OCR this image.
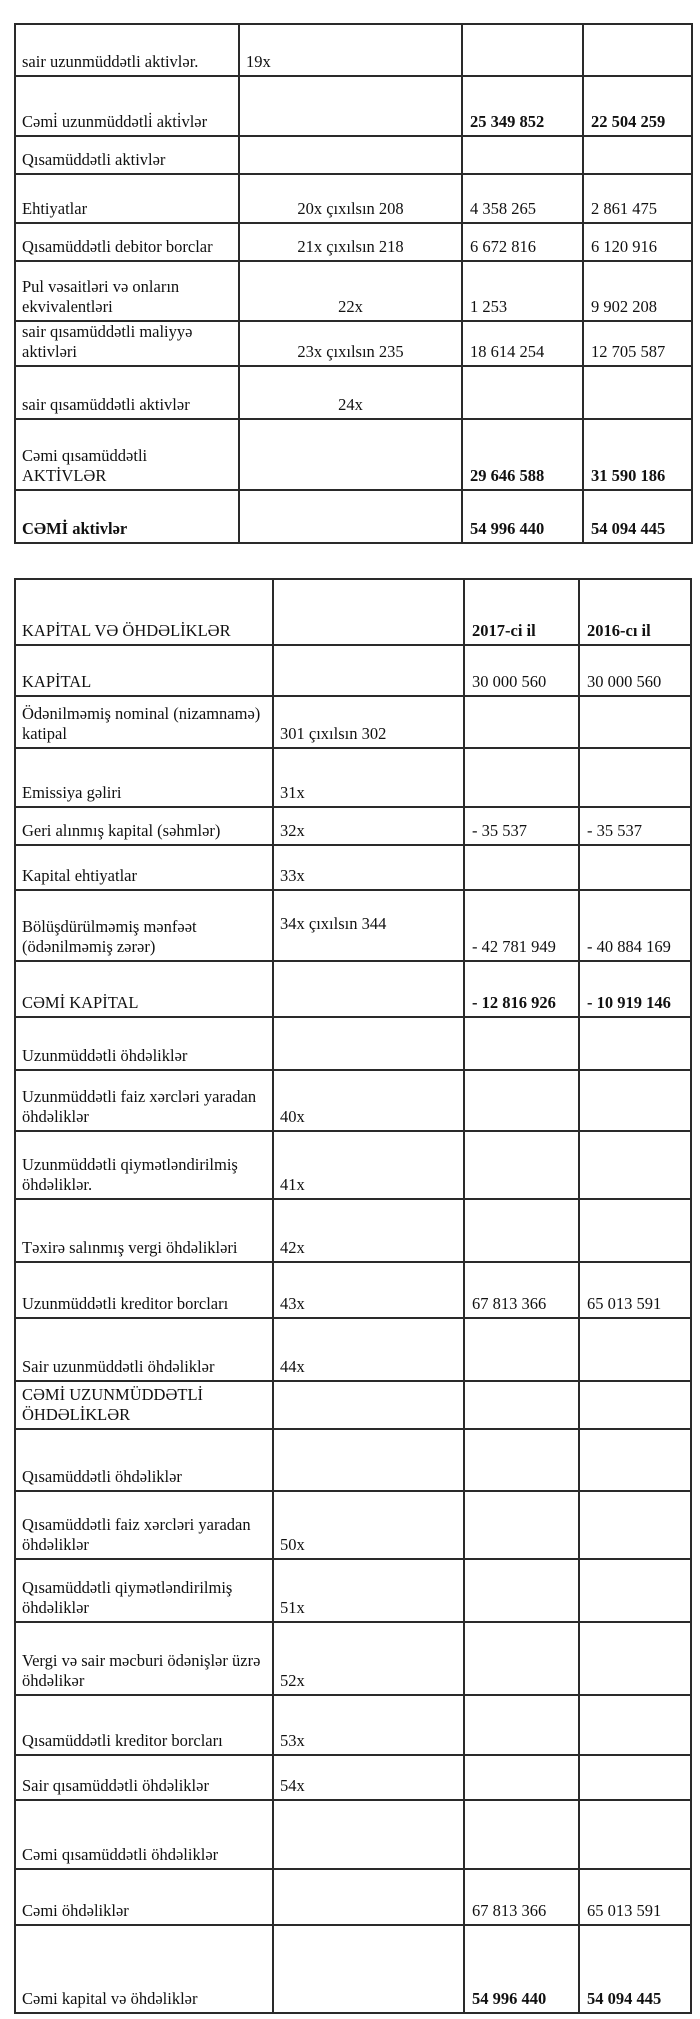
sair uzunmüddətli aktivlər.	19x		
Cəmi̇ uzunmüddətli̇ akti̇vlər		25 349 852	22 504 259
Qısamüddətli aktivlər			
Ehtiyatlar	20x çıxılsın 208	4 358 265	2 861 475
Qısamüddətli debitor borclar	21x çıxılsın 218	6 672 816	6 120 916
Pul vəsaitləri və onların ekvivalentləri	22x	1 253	9 902 208
sair qısamüddətli maliyyə aktivləri	23x çıxılsın 235	18 614 254	12 705 587
sair qısamüddətli aktivlər	24x		
Cəmi qısamüddətli AKTİVLƏR		29 646 588	31 590 186
CƏMİ aktivlər		54 996 440	54 094 445
KAPİTAL VƏ ÖHDƏLİKLƏR		2017-ci il	2016-cı il
KAPİTAL		30 000 560	30 000 560
Ödənilməmiş nominal (nizamnamə) katipal	301 çıxılsın 302		
Emissiya gəliri	31x		
Geri alınmış kapital (səhmlər)	32x	- 35 537	- 35 537
Kapital ehtiyatlar	33x		
Bölüşdürülməmiş mənfəət (ödənilməmiş zərər)	34x çıxılsın 344	- 42 781 949	- 40 884 169
CƏMİ KAPİTAL		- 12 816 926	- 10 919 146
Uzunmüddətli öhdəliklər			
Uzunmüddətli faiz xərcləri yaradan öhdəliklər	40x		
Uzunmüddətli qiymətləndirilmiş öhdəliklər.	41x		
Təxirə salınmış vergi öhdəlikləri	42x		
Uzunmüddətli kreditor borcları	43x	67 813 366	65 013 591
Sair uzunmüddətli öhdəliklər	44x		
CƏMİ UZUNMÜDDƏTLİ ÖHDƏLİKLƏR			
Qısamüddətli öhdəliklər			
Qısamüddətli faiz xərcləri yaradan öhdəliklər	50x		
Qısamüddətli qiymətləndirilmiş öhdəliklər	51x		
Vergi və sair məcburi ödənişlər üzrə öhdəlikər	52x		
Qısamüddətli kreditor borcları	53x		
Sair qısamüddətli öhdəliklər	54x		
Cəmi qısamüddətli öhdəliklər			
Cəmi öhdəliklər		67 813 366	65 013 591
Cəmi kapital və öhdəliklər		54 996 440	54 094 445
